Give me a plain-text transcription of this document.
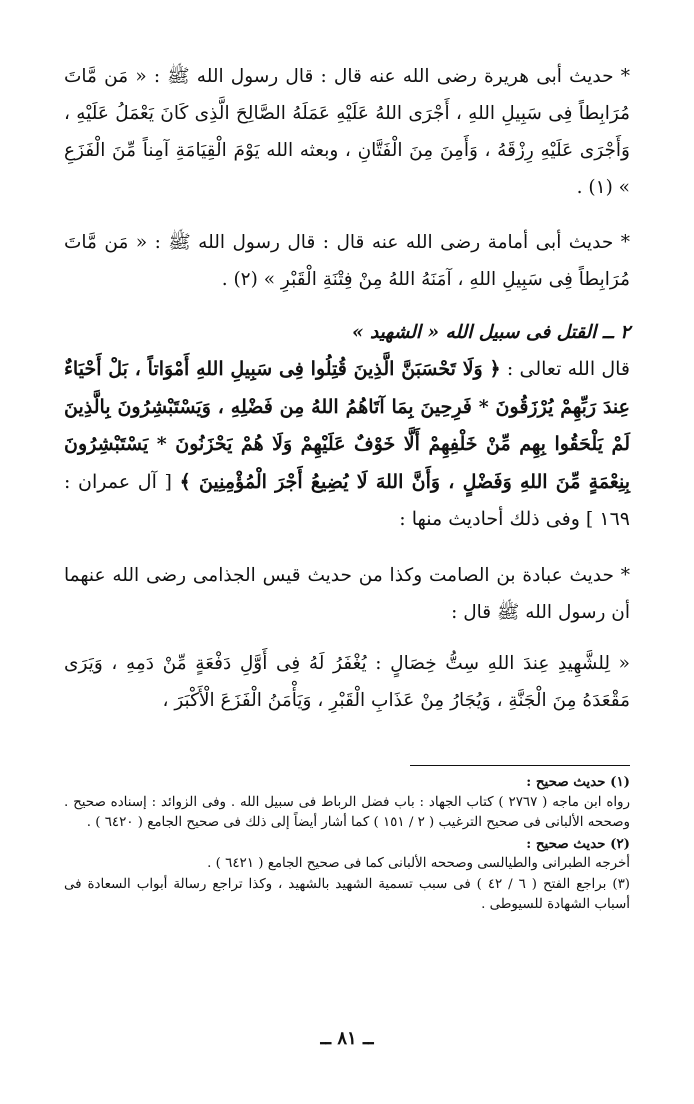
* حديث أبى هريرة رضى الله عنه قال : قال رسول الله ﷺ : « مَن مَّاتَ مُرَابِطاً فِى سَبِيلِ اللهِ ، أَجْرَى اللهُ عَلَيْهِ عَمَلَهُ الصَّالِحَ الَّذِى كَانَ يَعْمَلُ عَلَيْهِ ، وَأَجْرَى عَلَيْهِ رِزْقَهُ ، وَأَمِنَ مِنَ الْفَتَّانِ ، وبعثه الله يَوْمَ الْقِيَامَةِ آمِناً مِّنَ الْفَزَعِ » (١) .

* حديث أبى أمامة رضى الله عنه قال : قال رسول الله ﷺ : « مَن مَّاتَ مُرَابِطاً فِى سَبِيلِ اللهِ ، آمَنَهُ اللهُ مِنْ فِتْنَةِ الْقَبْرِ » (٢) .

٢ ــ القتل فى سبيل الله « الشهيد »

قال الله تعالى : ﴿ وَلَا تَحْسَبَنَّ الَّذِينَ قُتِلُوا فِى سَبِيلِ اللهِ أَمْوَاتاً ، بَلْ أَحْيَاءٌ عِندَ رَبِّهِمْ يُرْزَقُونَ * فَرِحِينَ بِمَا آتَاهُمُ اللهُ مِن فَضْلِهِ ، وَيَسْتَبْشِرُونَ بِالَّذِينَ لَمْ يَلْحَقُوا بِهِم مِّنْ خَلْفِهِمْ أَلَّا خَوْفٌ عَلَيْهِمْ وَلَا هُمْ يَحْزَنُونَ * يَسْتَبْشِرُونَ بِنِعْمَةٍ مِّنَ اللهِ وَفَضْلٍ ، وَأَنَّ اللهَ لَا يُضِيعُ أَجْرَ الْمُؤْمِنِينَ ﴾ [ آل عمران : ١٦٩ ] وفى ذلك أحاديث منها :

* حديث عبادة بن الصامت وكذا من حديث قيس الجذامى رضى الله عنهما أن رسول الله ﷺ قال :

« لِلشَّهِيدِ عِندَ اللهِ سِتُّ خِصَالٍ : يُغْفَرُ لَهُ فِى أَوَّلِ دَفْعَةٍ مِّنْ دَمِهِ ، وَيَرَى مَقْعَدَهُ مِنَ الْجَنَّةِ ، وَيُجَارُ مِنْ عَذَابِ الْقَبْرِ ، وَيَأْمَنُ الْفَزَعَ الْأَكْبَرَ ،

(١) حديث صحيح :

رواه ابن ماجه ( ٢٧٦٧ ) كتاب الجهاد : باب فضل الرباط فى سبيل الله . وفى الزوائد : إسناده صحيح . وصححه الألبانى فى صحيح الترغيب ( ٢ / ١٥١ ) كما أشار أيضاً إلى ذلك فى صحيح الجامع ( ٦٤٢٠ ) .

(٢) حديث صحيح :

أخرجه الطبرانى والطيالسى وصححه الألبانى كما فى صحيح الجامع ( ٦٤٢١ ) .

(٣) براجع الفتح ( ٦ / ٤٢ ) فى سبب تسمية الشهيد بالشهيد ، وكذا تراجع رسالة أبواب السعادة فى أسباب الشهادة للسيوطى .

ــ ٨١ ــ
